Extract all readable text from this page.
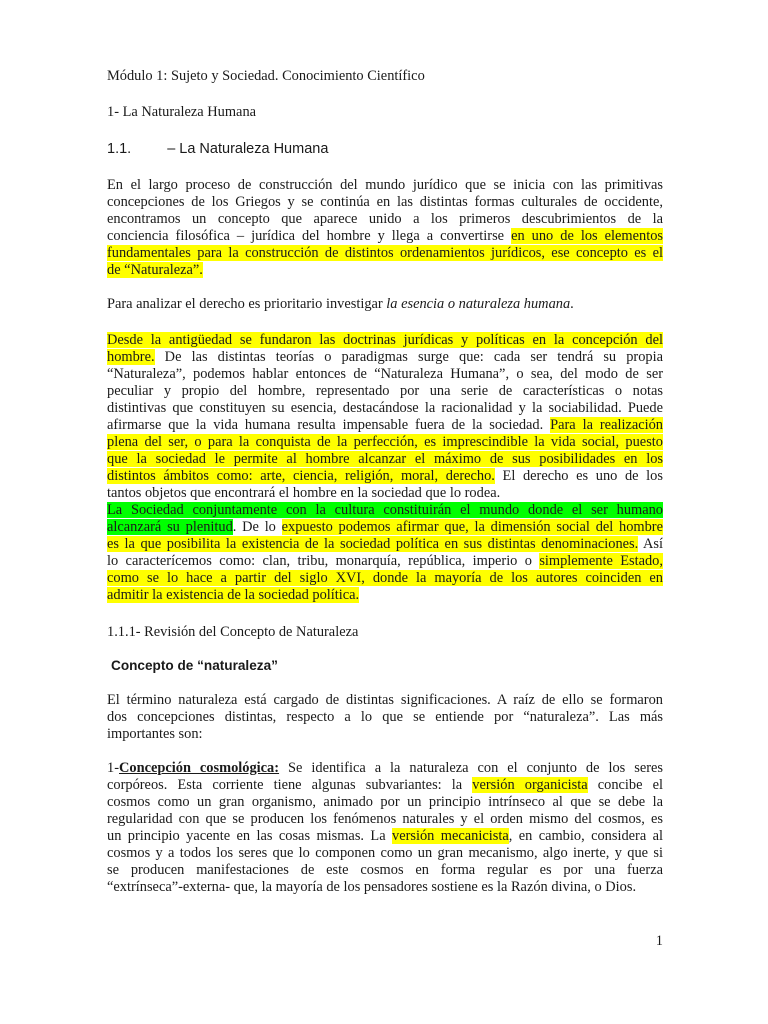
Módulo 1: Sujeto y Sociedad. Conocimiento Científico
1- La Naturaleza Humana
1.1. – La Naturaleza Humana
En el largo proceso de construcción del mundo jurídico que se inicia con las primitivas
concepciones de los Griegos y se continúa en las distintas formas culturales de occidente,
encontramos un concepto que aparece unido a los primeros descubrimientos de la
conciencia filosófica – jurídica del hombre y llega a convertirse en uno de los elementos
fundamentales para la construcción de distintos ordenamientos jurídicos, ese concepto es el
de “Naturaleza”.
Para analizar el derecho es prioritario investigar la esencia o naturaleza humana.
Desde la antigüedad se fundaron las doctrinas jurídicas y políticas en la concepción del
hombre. De las distintas teorías o paradigmas surge que: cada ser tendrá su propia
“Naturaleza”, podemos hablar entonces de “Naturaleza Humana”, o sea, del modo de ser
peculiar y propio del hombre, representado por una serie de características o notas
distintivas que constituyen su esencia, destacándose la racionalidad y la sociabilidad. Puede
afirmarse que la vida humana resulta impensable fuera de la sociedad. Para la realización
plena del ser, o para la conquista de la perfección, es imprescindible la vida social, puesto
que la sociedad le permite al hombre alcanzar el máximo de sus posibilidades en los
distintos ámbitos como: arte, ciencia, religión, moral, derecho. El derecho es uno de los
tantos objetos que encontrará el hombre en la sociedad que lo rodea.
La Sociedad conjuntamente con la cultura constituirán el mundo donde el ser humano
alcanzará su plenitud. De lo expuesto podemos afirmar que, la dimensión social del hombre
es la que posibilita la existencia de la sociedad política en sus distintas denominaciones. Así
lo caracterícemos como: clan, tribu, monarquía, república, imperio o simplemente Estado,
como se lo hace a partir del siglo XVI, donde la mayoría de los autores coinciden en
admitir la existencia de la sociedad política.
1.1.1- Revisión del Concepto de Naturaleza
Concepto de “naturaleza”
El término naturaleza está cargado de distintas significaciones. A raíz de ello se formaron
dos concepciones distintas, respecto a lo que se entiende por “naturaleza”. Las más
importantes son:
1-Concepción cosmológica: Se identifica a la naturaleza con el conjunto de los seres
corpóreos. Esta corriente tiene algunas subvariantes: la versión organicista concibe el
cosmos como un gran organismo, animado por un principio intrínseco al que se debe la
regularidad con que se producen los fenómenos naturales y el orden mismo del cosmos, es
un principio yacente en las cosas mismas. La versión mecanicista, en cambio, considera al
cosmos y a todos los seres que lo componen como un gran mecanismo, algo inerte, y que si
se producen manifestaciones de este cosmos en forma regular es por una fuerza
“extrínseca”-externa- que, la mayoría de los pensadores sostiene es la Razón divina, o Dios.
1
